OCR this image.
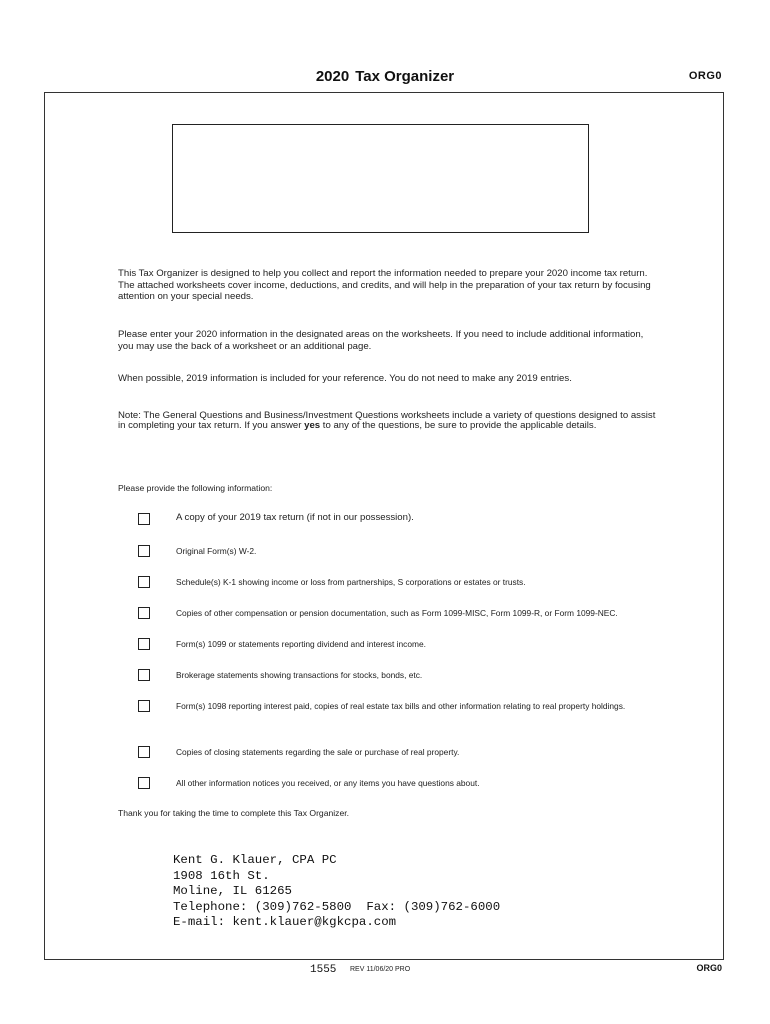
2020 Tax Organizer	ORG0
This Tax Organizer is designed to help you collect and report the information needed to prepare your 2020 income tax return. The attached worksheets cover income, deductions, and credits, and will help in the preparation of your tax return by focusing attention on your special needs.
Please enter your 2020 information in the designated areas on the worksheets. If you need to include additional information, you may use the back of a worksheet or an additional page.
When possible, 2019 information is included for your reference. You do not need to make any 2019 entries.
Note: The General Questions and Business/Investment Questions worksheets include a variety of questions designed to assist in completing your tax return. If you answer yes to any of the questions, be sure to provide the applicable details.
Please provide the following information:
A copy of your 2019 tax return (if not in our possession).
Original Form(s) W-2.
Schedule(s) K-1 showing income or loss from partnerships, S corporations or estates or trusts.
Copies of other compensation or pension documentation, such as Form 1099-MISC, Form 1099-R, or Form 1099-NEC.
Form(s) 1099 or statements reporting dividend and interest income.
Brokerage statements showing transactions for stocks, bonds, etc.
Form(s) 1098 reporting interest paid, copies of real estate tax bills and other information relating to real property holdings.
Copies of closing statements regarding the sale or purchase of real property.
All other information notices you received, or any items you have questions about.
Thank you for taking the time to complete this Tax Organizer.
Kent G. Klauer, CPA PC
1908 16th St.
Moline, IL 61265
Telephone: (309)762-5800  Fax: (309)762-6000
E-mail: kent.klauer@kgkcpa.com
1555 REV 11/06/20 PRO	ORG0
